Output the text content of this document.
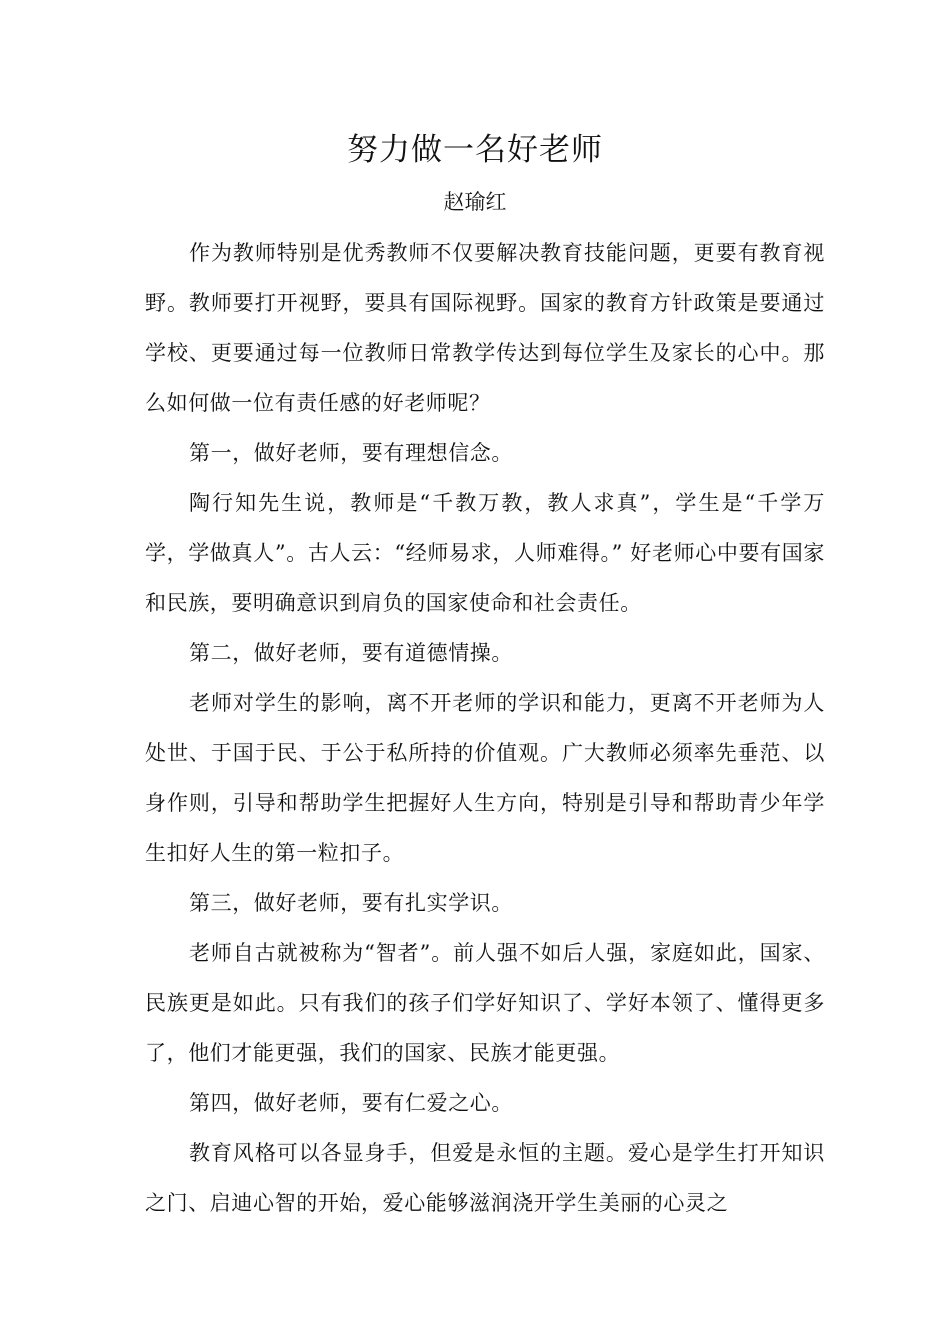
努力做一名好老师
赵瑜红

作为教师特别是优秀教师不仅要解决教育技能问题，更要有教育视野。教师要打开视野，要具有国际视野。国家的教育方针政策是要通过学校、更要通过每一位教师日常教学传达到每位学生及家长的心中。那么如何做一位有责任感的好老师呢？

第一，做好老师，要有理想信念。

陶行知先生说，教师是“千教万教，教人求真”，学生是“千学万学，学做真人”。古人云：“经师易求，人师难得。” 好老师心中要有国家和民族，要明确意识到肩负的国家使命和社会责任。

第二，做好老师，要有道德情操。

老师对学生的影响，离不开老师的学识和能力，更离不开老师为人处世、于国于民、于公于私所持的价值观。广大教师必须率先垂范、以身作则，引导和帮助学生把握好人生方向，特别是引导和帮助青少年学生扣好人生的第一粒扣子。

第三，做好老师，要有扎实学识。

老师自古就被称为“智者”。前人强不如后人强，家庭如此，国家、民族更是如此。只有我们的孩子们学好知识了、学好本领了、懂得更多了，他们才能更强，我们的国家、民族才能更强。

第四，做好老师，要有仁爱之心。

教育风格可以各显身手，但爱是永恒的主题。爱心是学生打开知识之门、启迪心智的开始，爱心能够滋润浇开学生美丽的心灵之
